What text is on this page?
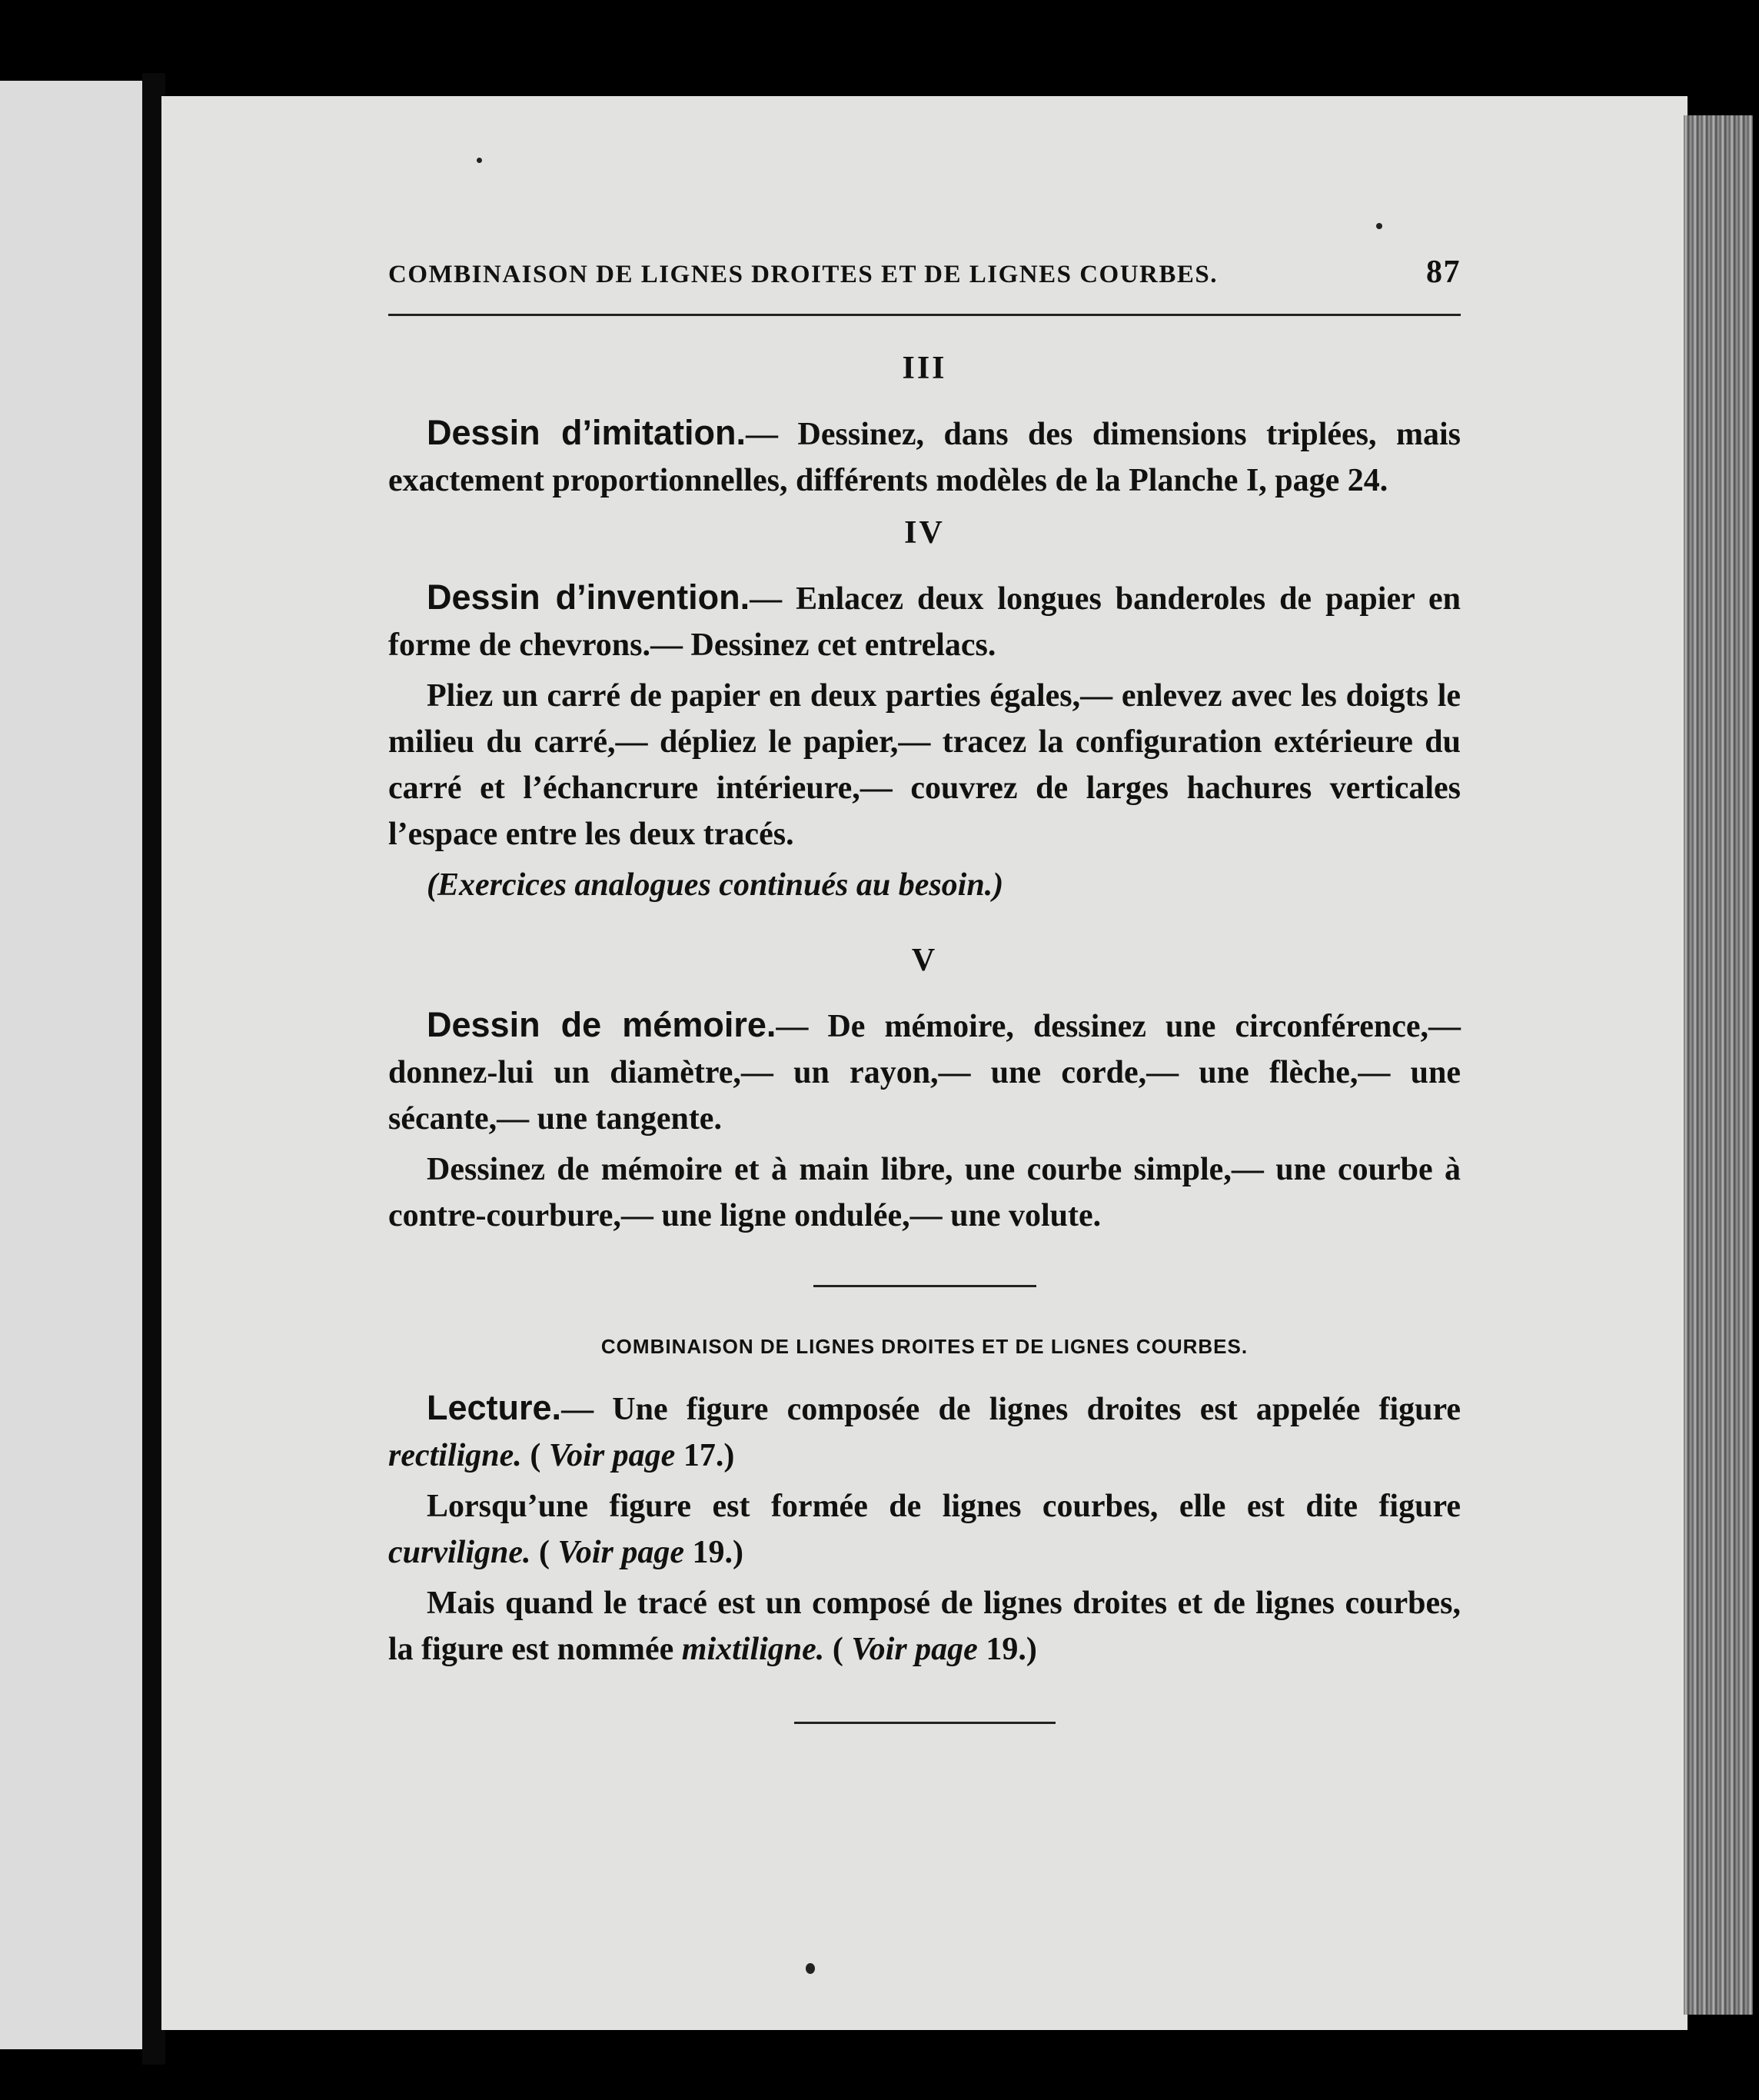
COMBINAISON DE LIGNES DROITES ET DE LIGNES COURBES.	87
III

Dessin d’imitation.— Dessinez, dans des dimensions triplées, mais exactement proportionnelles, différents modèles de la Planche I, page 24.

IV

Dessin d’invention.— Enlacez deux longues banderoles de papier en forme de chevrons.— Dessinez cet entrelacs.

Pliez un carré de papier en deux parties égales,— enlevez avec les doigts le milieu du carré,— dépliez le papier,— tracez la configuration extérieure du carré et l’échancrure intérieure,— couvrez de larges hachures verticales l’espace entre les deux tracés.

(Exercices analogues continués au besoin.)

V

Dessin de mémoire.— De mémoire, dessinez une circonférence,— donnez-lui un diamètre,— un rayon,— une corde,— une flèche,— une sécante,— une tangente.

Dessinez de mémoire et à main libre, une courbe simple,— une courbe à contre-courbure,— une ligne ondulée,— une volute.

COMBINAISON DE LIGNES DROITES ET DE LIGNES COURBES.

Lecture.— Une figure composée de lignes droites est appelée figure rectiligne. ( Voir page 17.)

Lorsqu’une figure est formée de lignes courbes, elle est dite figure curviligne. ( Voir page 19.)

Mais quand le tracé est un composé de lignes droites et de lignes courbes, la figure est nommée mixtiligne. ( Voir page 19.)
